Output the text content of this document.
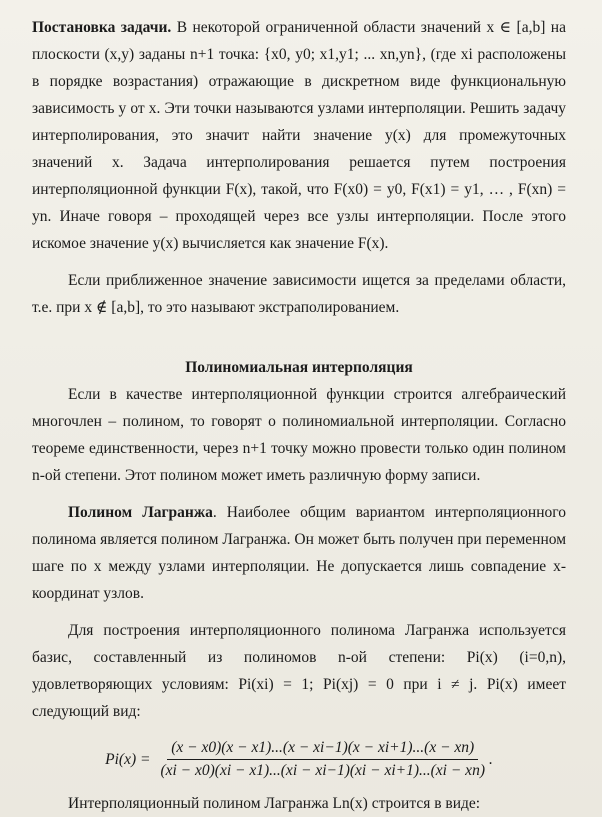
Постановка задачи. В некоторой ограниченной области значений x ∈ [a,b] на плоскости (x,y) заданы n+1 точка: {x0, y0; x1,y1; ... xn,yn}, (где xi расположены в порядке возрастания) отражающие в дискретном виде функциональную зависимость y от x. Эти точки называются узлами интерполяции. Решить задачу интерполирования, это значит найти значение y(x) для промежуточных значений x. Задача интерполирования решается путем построения интерполяционной функции F(x), такой, что F(x0) = y0, F(x1) = y1, … , F(xn) = yn. Иначе говоря – проходящей через все узлы интерполяции. После этого искомое значение y(x) вычисляется как значение F(x).

Если приближенное значение зависимости ищется за пределами области, т.е. при x ∉ [a,b], то это называют экстраполированием.

Полиномиальная интерполяция

Если в качестве интерполяционной функции строится алгебраический многочлен – полином, то говорят о полиномиальной интерполяции. Согласно теореме единственности, через n+1 точку можно провести только один полином n-ой степени. Этот полином может иметь различную форму записи.

Полином Лагранжа. Наиболее общим вариантом интерполяционного полинома является полином Лагранжа. Он может быть получен при переменном шаге по x между узлами интерполяции. Не допускается лишь совпадение x-координат узлов.

Для построения интерполяционного полинома Лагранжа используется базис, составленный из полиномов n-ой степени: Pi(x) (i=0,n), удовлетворяющих условиям: Pi(xi) = 1; Pi(xj) = 0 при i ≠ j. Pi(x) имеет следующий вид:

$Pi(x) = \frac{(x - x0)(x - x1)...(x - xi-1)(x - xi+1)...(x - xn)}{(xi - x0)(xi - x1)...(xi - xi-1)(xi - xi+1)...(xi - xn)}$ .

Интерполяционный полином Лагранжа Ln(x) строится в виде:
